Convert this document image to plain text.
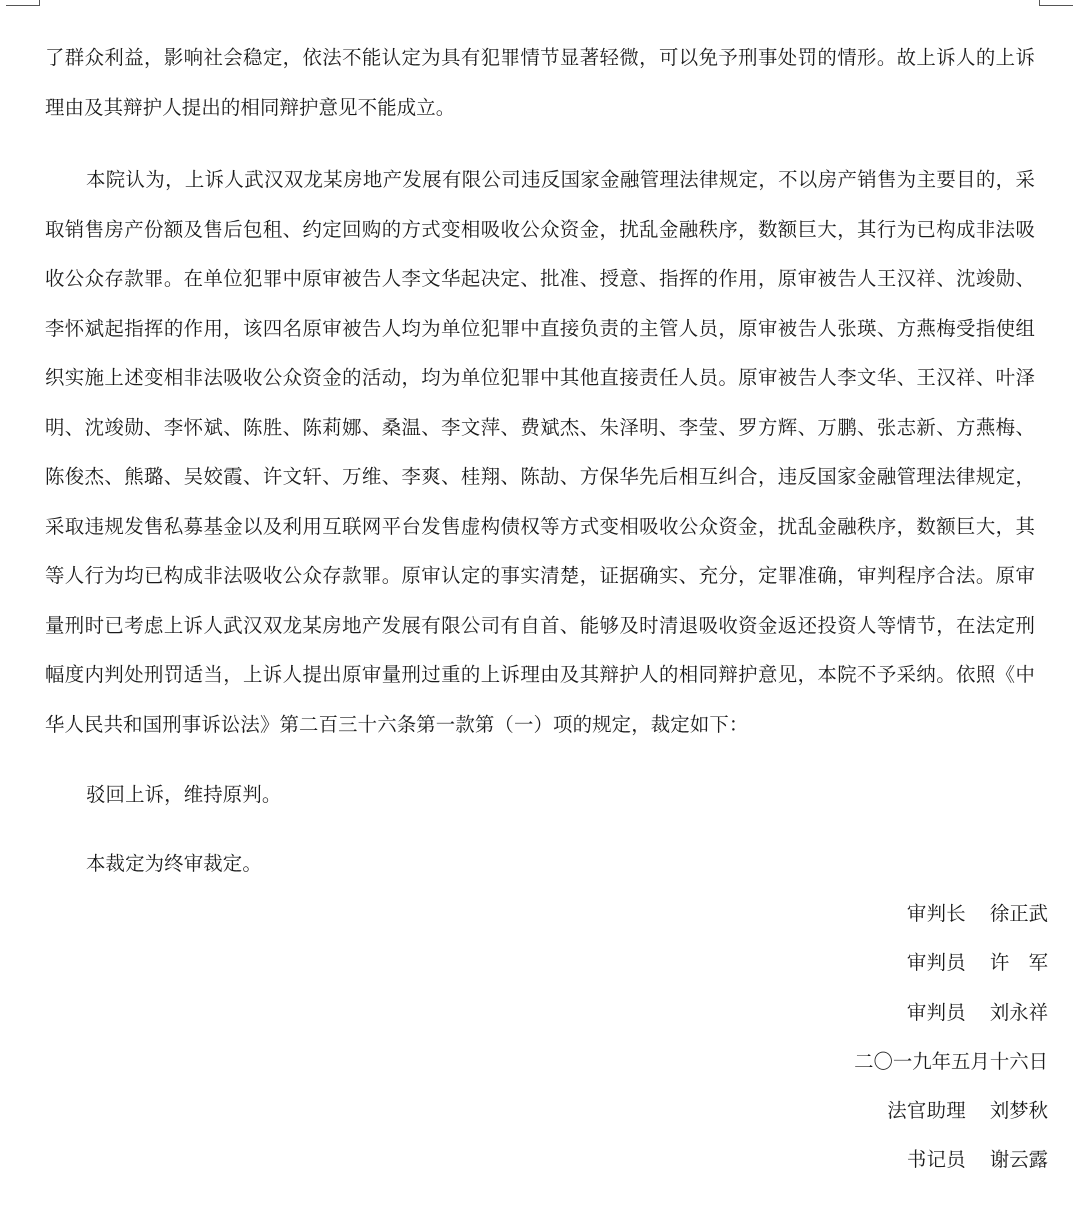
了群众利益，影响社会稳定，依法不能认定为具有犯罪情节显著轻微，可以免予刑事处罚的情形。故上诉人的上诉理由及其辩护人提出的相同辩护意见不能成立。

本院认为，上诉人武汉双龙某房地产发展有限公司违反国家金融管理法律规定，不以房产销售为主要目的，采取销售房产份额及售后包租、约定回购的方式变相吸收公众资金，扰乱金融秩序，数额巨大，其行为已构成非法吸收公众存款罪。在单位犯罪中原审被告人李文华起决定、批准、授意、指挥的作用，原审被告人王汉祥、沈竣勋、李怀斌起指挥的作用，该四名原审被告人均为单位犯罪中直接负责的主管人员，原审被告人张瑛、方燕梅受指使组织实施上述变相非法吸收公众资金的活动，均为单位犯罪中其他直接责任人员。原审被告人李文华、王汉祥、叶泽明、沈竣勋、李怀斌、陈胜、陈莉娜、桑温、李文萍、费斌杰、朱泽明、李莹、罗方辉、万鹏、张志新、方燕梅、陈俊杰、熊璐、吴姣霞、许文轩、万维、李爽、桂翔、陈劼、方保华先后相互纠合，违反国家金融管理法律规定，采取违规发售私募基金以及利用互联网平台发售虚构债权等方式变相吸收公众资金，扰乱金融秩序，数额巨大，其等人行为均已构成非法吸收公众存款罪。原审认定的事实清楚，证据确实、充分，定罪准确，审判程序合法。原审量刑时已考虑上诉人武汉双龙某房地产发展有限公司有自首、能够及时清退吸收资金返还投资人等情节，在法定刑幅度内判处刑罚适当，上诉人提出原审量刑过重的上诉理由及其辩护人的相同辩护意见，本院不予采纳。依照《中华人民共和国刑事诉讼法》第二百三十六条第一款第（一）项的规定，裁定如下：

驳回上诉，维持原判。

本裁定为终审裁定。

审判长 徐正武
审判员 许　军
审判员 刘永祥
二〇一九年五月十六日
法官助理 刘梦秋
书记员 谢云露
